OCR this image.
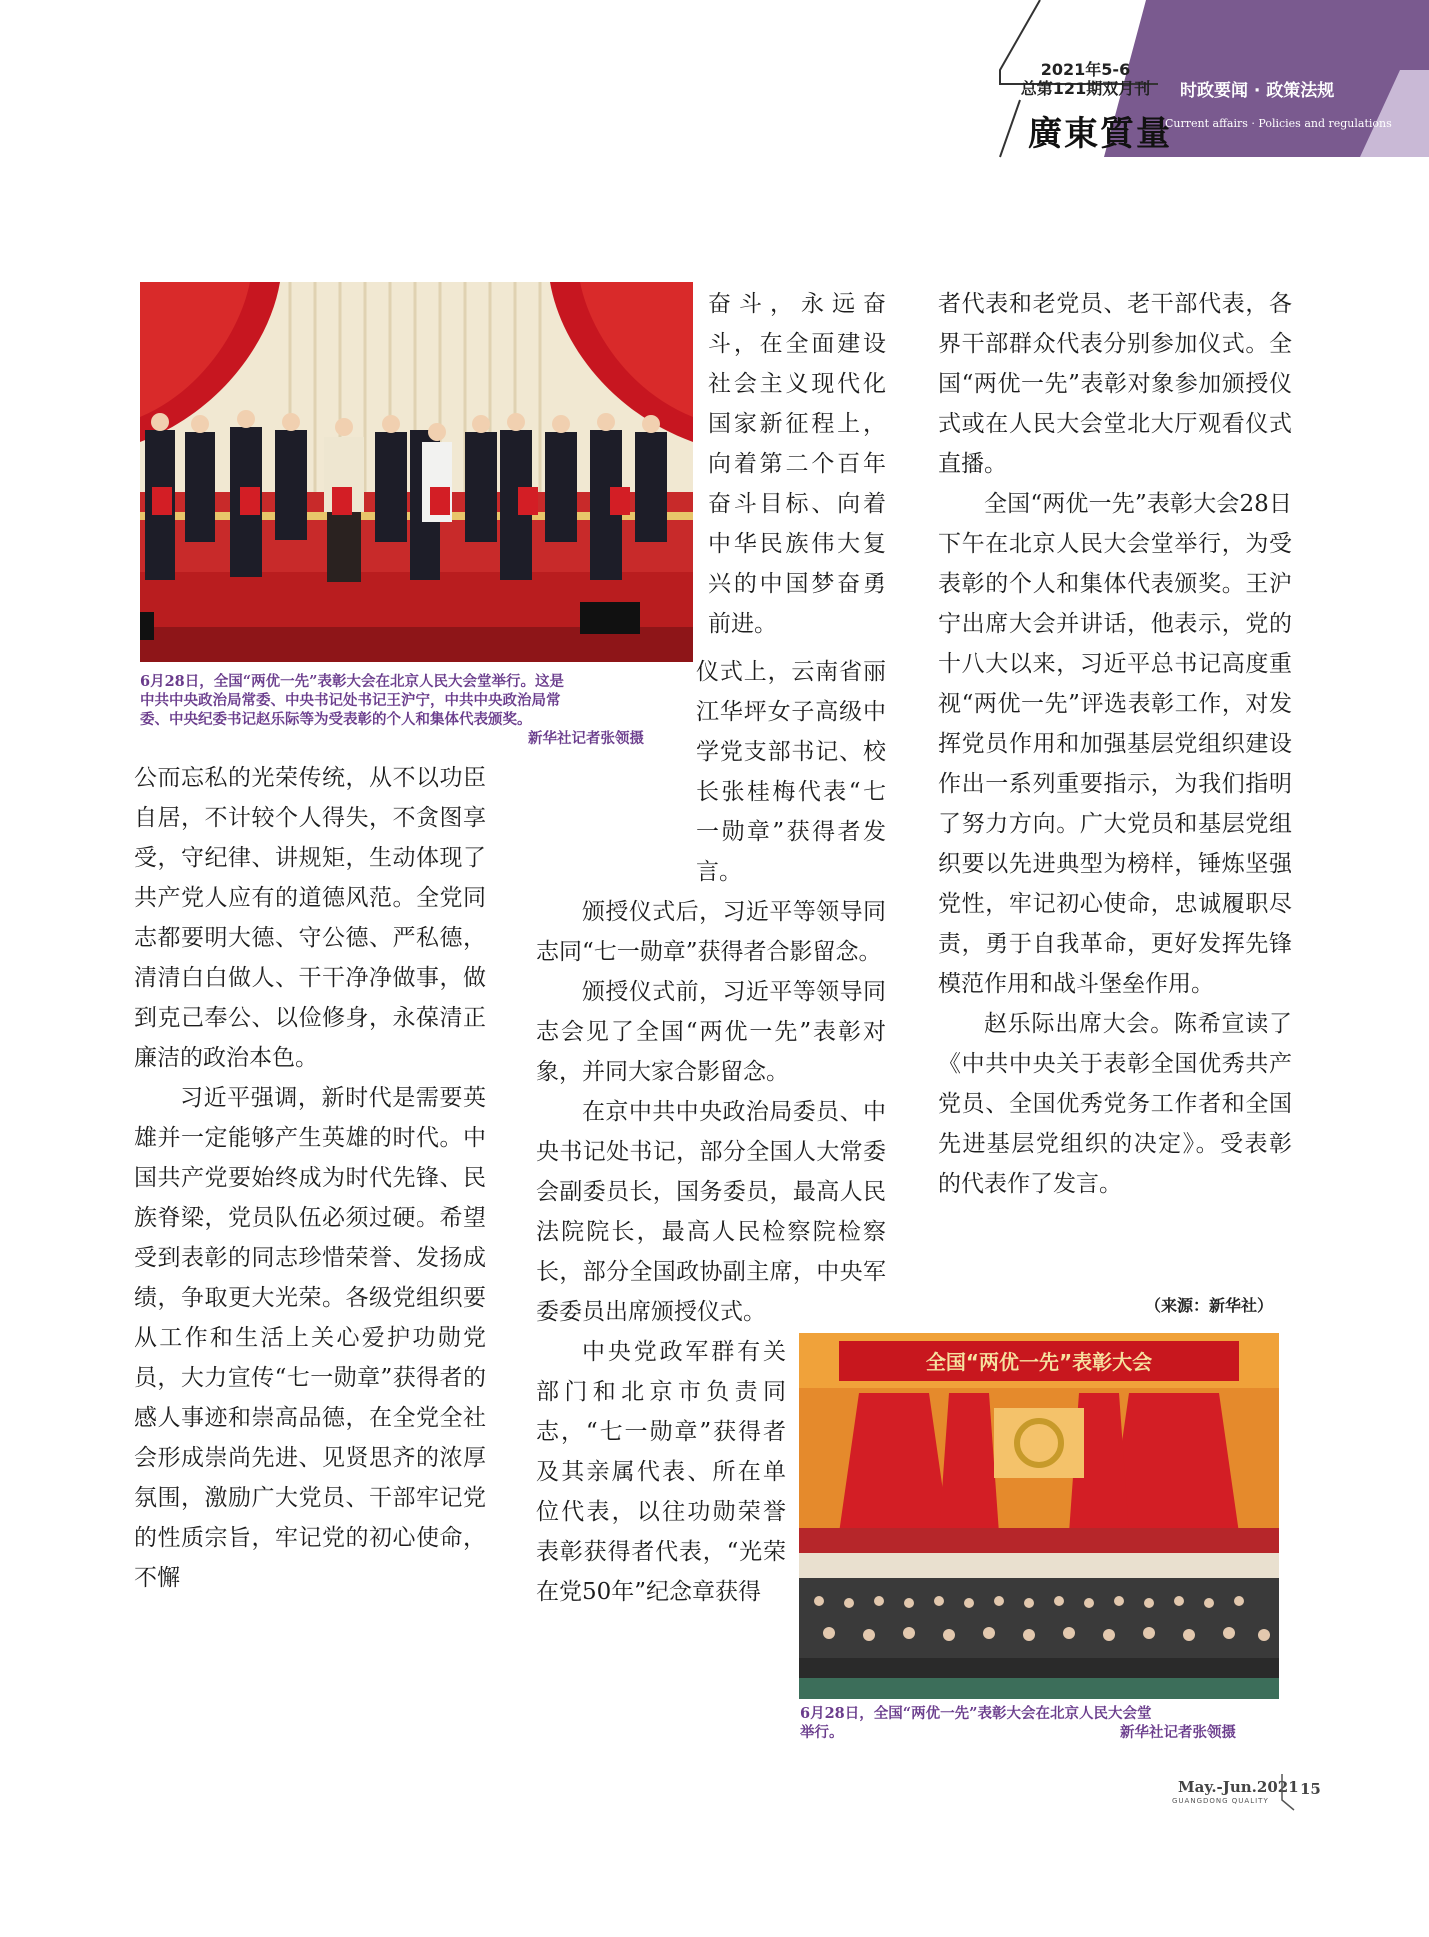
2021年5-6
总第121期双月刊
廣東質量
时政要闻 · 政策法规
Current affairs · Policies and regulations
6月28日，全国“两优一先”表彰大会在北京人民大会堂举行。这是
中共中央政治局常委、中央书记处书记王沪宁，中共中央政治局常
委、中央纪委书记赵乐际等为受表彰的个人和集体代表颁奖。
新华社记者张领摄

奋斗，永远奋斗，在全面建设社会主义现代化国家新征程上，向着第二个百年奋斗目标、向着中华民族伟大复兴的中国梦奋勇前进。

公而忘私的光荣传统，从不以功臣自居，不计较个人得失，不贪图享受，守纪律、讲规矩，生动体现了共产党人应有的道德风范。全党同志都要明大德、守公德、严私德，清清白白做人、干干净净做事，做到克己奉公、以俭修身，永葆清正廉洁的政治本色。

习近平强调，新时代是需要英雄并一定能够产生英雄的时代。中国共产党要始终成为时代先锋、民族脊梁，党员队伍必须过硬。希望受到表彰的同志珍惜荣誉、发扬成绩，争取更大光荣。各级党组织要从工作和生活上关心爱护功勋党员，大力宣传“七一勋章”获得者的感人事迹和崇高品德，在全党全社会形成崇尚先进、见贤思齐的浓厚氛围，激励广大党员、干部牢记党的性质宗旨，牢记党的初心使命，不懈

仪式上，云南省丽江华坪女子高级中学党支部书记、校长张桂梅代表“七一勋章”获得者发言。

颁授仪式后，习近平等领导同志同“七一勋章”获得者合影留念。

颁授仪式前，习近平等领导同志会见了全国“两优一先”表彰对象，并同大家合影留念。

在京中共中央政治局委员、中央书记处书记，部分全国人大常委会副委员长，国务委员，最高人民法院院长，最高人民检察院检察长，部分全国政协副主席，中央军委委员出席颁授仪式。

中央党政军群有关部门和北京市负责同志，“七一勋章”获得者及其亲属代表、所在单位代表，以往功勋荣誉表彰获得者代表，“光荣在党50年”纪念章获得

者代表和老党员、老干部代表，各界干部群众代表分别参加仪式。全国“两优一先”表彰对象参加颁授仪式或在人民大会堂北大厅观看仪式直播。

全国“两优一先”表彰大会28日下午在北京人民大会堂举行，为受表彰的个人和集体代表颁奖。王沪宁出席大会并讲话，他表示，党的十八大以来，习近平总书记高度重视“两优一先”评选表彰工作，对发挥党员作用和加强基层党组织建设作出一系列重要指示，为我们指明了努力方向。广大党员和基层党组织要以先进典型为榜样，锤炼坚强党性，牢记初心使命，忠诚履职尽责，勇于自我革命，更好发挥先锋模范作用和战斗堡垒作用。

赵乐际出席大会。陈希宣读了《中共中央关于表彰全国优秀共产党员、全国优秀党务工作者和全国先进基层党组织的决定》。受表彰的代表作了发言。

（来源：新华社）
全国“两优一先”表彰大会
6月28日，全国“两优一先”表彰大会在北京人民大会堂
举行。	新华社记者张领摄
May.-Jun.2021
GUANGDONG QUALITY
15
